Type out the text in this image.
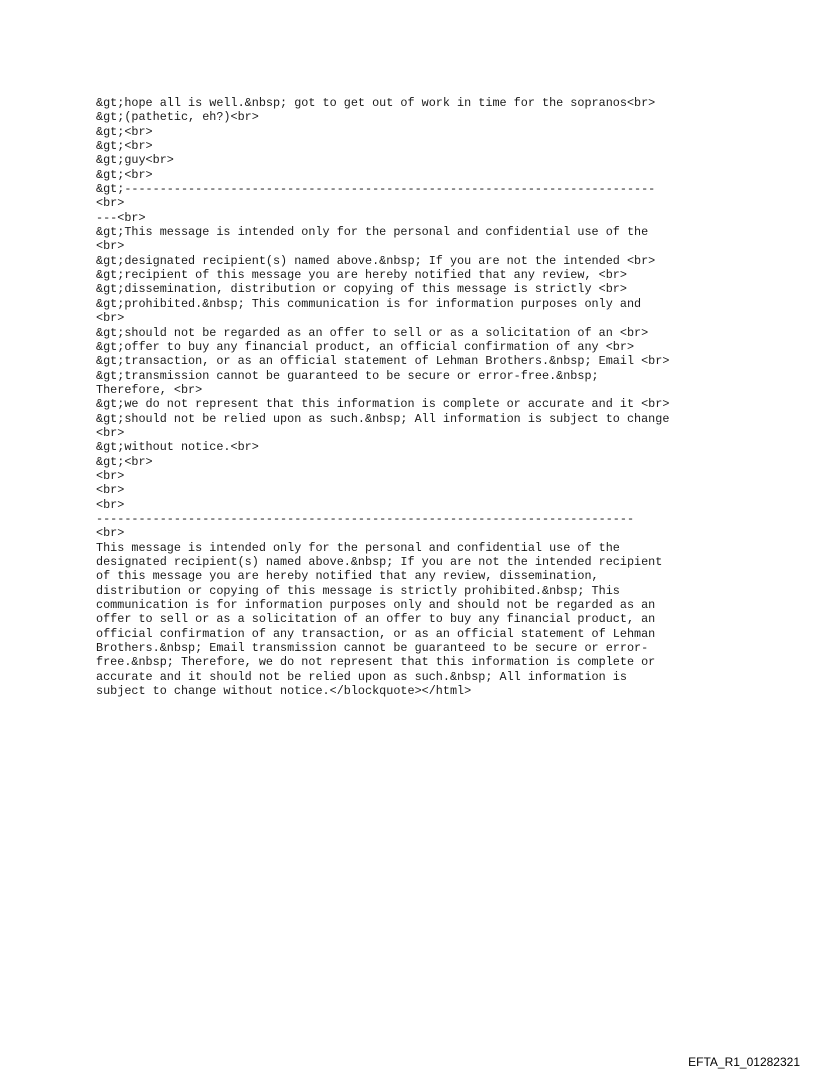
&gt;hope all is well.&nbsp; got to get out of work in time for the sopranos<br>
&gt;(pathetic, eh?)<br>
&gt;<br>
&gt;<br>
&gt;guy<br>
&gt;<br>
&gt;---------------------------------------------------------------------------
<br>
---<br>
&gt;This message is intended only for the personal and confidential use of the
<br>
&gt;designated recipient(s) named above.&nbsp; If you are not the intended <br>
&gt;recipient of this message you are hereby notified that any review, <br>
&gt;dissemination, distribution or copying of this message is strictly <br>
&gt;prohibited.&nbsp; This communication is for information purposes only and
<br>
&gt;should not be regarded as an offer to sell or as a solicitation of an <br>
&gt;offer to buy any financial product, an official confirmation of any <br>
&gt;transaction, or as an official statement of Lehman Brothers.&nbsp; Email <br>
&gt;transmission cannot be guaranteed to be secure or error-free.&nbsp;
Therefore, <br>
&gt;we do not represent that this information is complete or accurate and it <br>
&gt;should not be relied upon as such.&nbsp; All information is subject to change
<br>
&gt;without notice.<br>
&gt;<br>
<br>
<br>
<br>
----------------------------------------------------------------------------
<br>
This message is intended only for the personal and confidential use of the
designated recipient(s) named above.&nbsp; If you are not the intended recipient
of this message you are hereby notified that any review, dissemination,
distribution or copying of this message is strictly prohibited.&nbsp; This
communication is for information purposes only and should not be regarded as an
offer to sell or as a solicitation of an offer to buy any financial product, an
official confirmation of any transaction, or as an official statement of Lehman
Brothers.&nbsp; Email transmission cannot be guaranteed to be secure or error-
free.&nbsp; Therefore, we do not represent that this information is complete or
accurate and it should not be relied upon as such.&nbsp; All information is
subject to change without notice.</blockquote></html>
EFTA_R1_01282321
